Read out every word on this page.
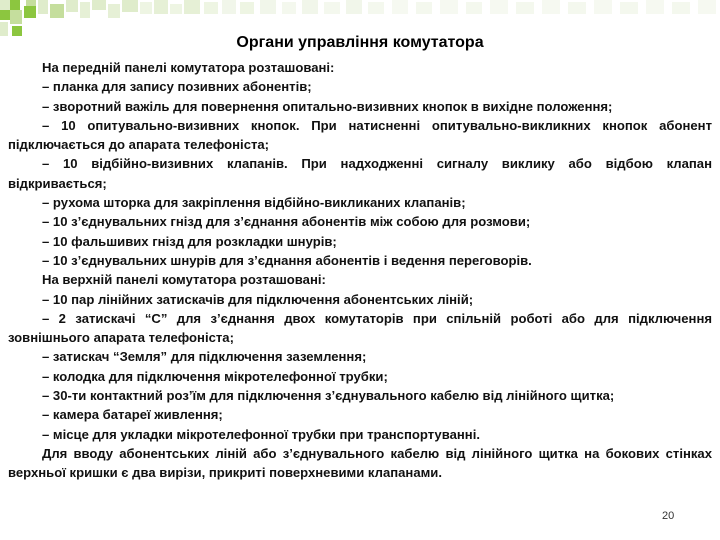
Органи управління комутатора

На передній панелі комутатора розташовані:

– планка для запису позивних абонентів;

– зворотний важіль для повернення опитально-визивних кнопок в вихідне положення;

– 10 опитувально-визивних кнопок. При натисненні опитувально-викликних кнопок абонент підключається до апарата телефоніста;

– 10 відбійно-визивних клапанів. При надходженні сигналу виклику або відбою клапан відкривається;

– рухома шторка для закріплення відбійно-викликаних клапанів;

– 10 з’єднувальних гнізд для з’єднання абонентів між собою для розмови;

– 10 фальшивих гнізд для розкладки шнурів;

– 10 з’єднувальних шнурів для з’єднання абонентів і ведення переговорів.

На верхній панелі комутатора розташовані:

– 10 пар лінійних затискачів для підключення абонентських ліній;

– 2 затискачі “С” для з’єднання двох комутаторів при спільній роботі або для підключення зовнішнього апарата телефоніста;

– затискач “Земля” для підключення заземлення;

– колодка для підключення мікротелефонної трубки;

– 30-ти контактний роз’їм для підключення з’єднувального кабелю від лінійного щитка;

– камера батареї живлення;

– місце для укладки мікротелефонної трубки при транспортуванні.

Для вводу абонентських ліній або з’єднувального кабелю від лінійного щитка на бокових стінках верхньої кришки є два вирізи, прикриті поверхневими клапанами.

20
